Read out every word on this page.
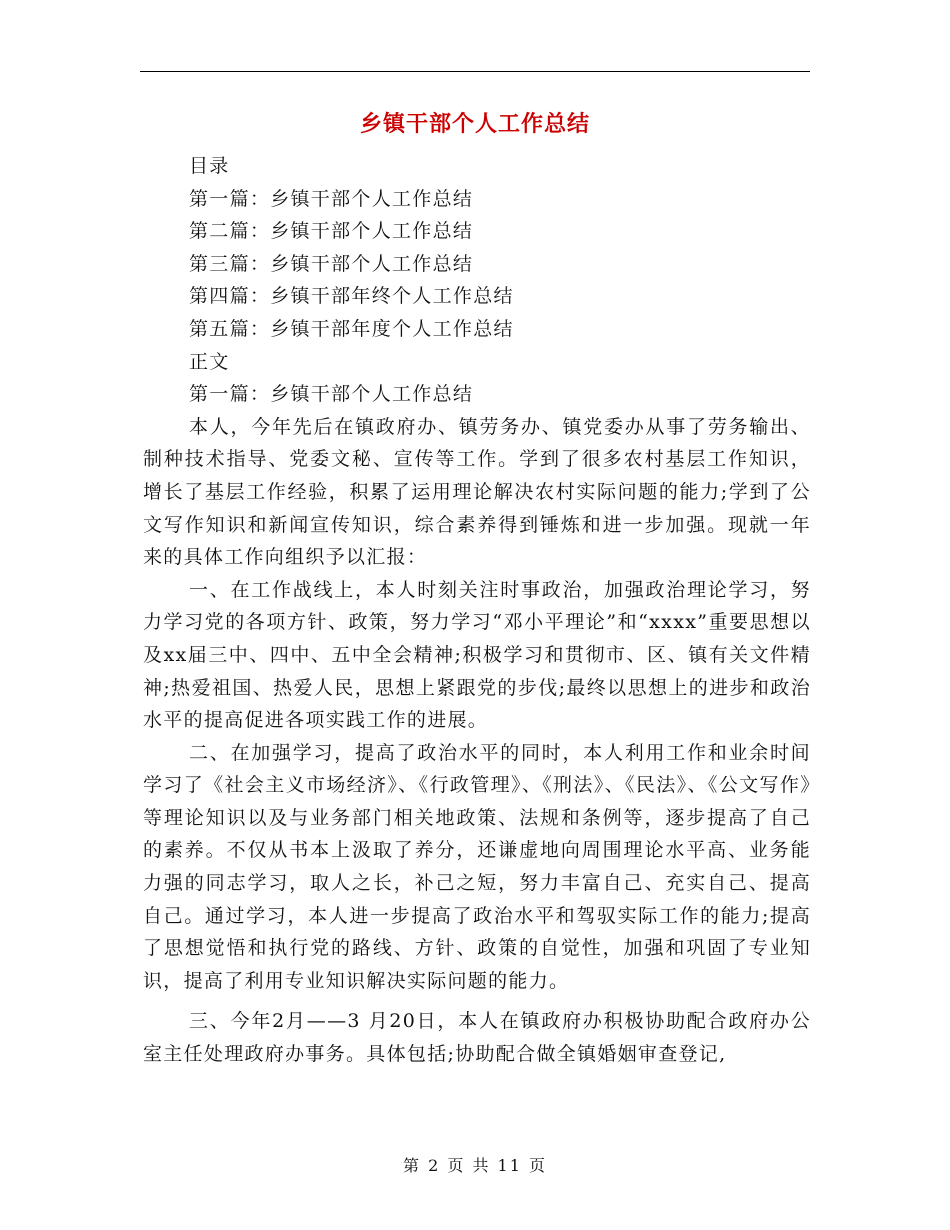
乡镇干部个人工作总结
目录
第一篇：乡镇干部个人工作总结
第二篇：乡镇干部个人工作总结
第三篇：乡镇干部个人工作总结
第四篇：乡镇干部年终个人工作总结
第五篇：乡镇干部年度个人工作总结
正文
第一篇：乡镇干部个人工作总结
本人，今年先后在镇政府办、镇劳务办、镇党委办从事了劳务输出、制种技术指导、党委文秘、宣传等工作。学到了很多农村基层工作知识，增长了基层工作经验，积累了运用理论解决农村实际问题的能力;学到了公文写作知识和新闻宣传知识，综合素养得到锤炼和进一步加强。现就一年来的具体工作向组织予以汇报：
一、在工作战线上，本人时刻关注时事政治，加强政治理论学习，努力学习党的各项方针、政策，努力学习“邓小平理论”和“xxxx”重要思想以及xx届三中、四中、五中全会精神;积极学习和贯彻市、区、镇有关文件精神;热爱祖国、热爱人民，思想上紧跟党的步伐;最终以思想上的进步和政治水平的提高促进各项实践工作的进展。
二、在加强学习，提高了政治水平的同时，本人利用工作和业余时间学习了《社会主义市场经济》、《行政管理》、《刑法》、《民法》、《公文写作》等理论知识以及与业务部门相关地政策、法规和条例等，逐步提高了自己的素养。不仅从书本上汲取了养分，还谦虚地向周围理论水平高、业务能力强的同志学习，取人之长，补己之短，努力丰富自己、充实自己、提高自己。通过学习，本人进一步提高了政治水平和驾驭实际工作的能力;提高了思想觉悟和执行党的路线、方针、政策的自觉性，加强和巩固了专业知识，提高了利用专业知识解决实际问题的能力。
三、今年2月——3 月20日，本人在镇政府办积极协助配合政府办公室主任处理政府办事务。具体包括;协助配合做全镇婚姻审查登记,
第 2 页 共 11 页
